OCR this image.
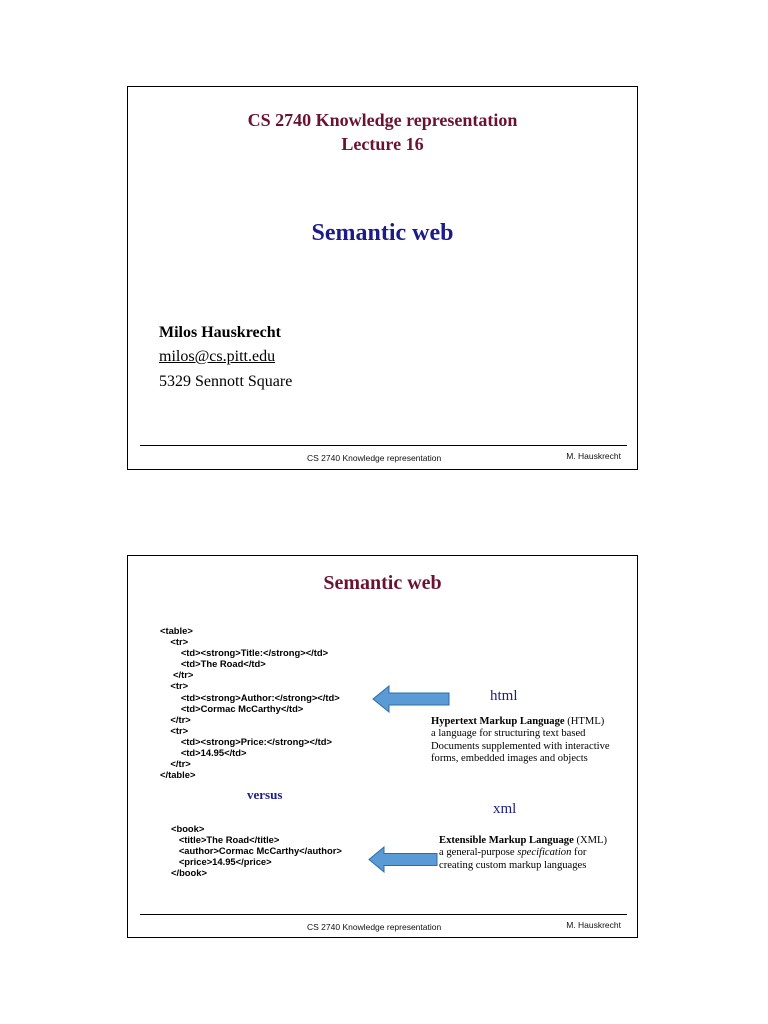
CS 2740 Knowledge representation
Lecture 16
Semantic web
Milos Hauskrecht
milos@cs.pitt.edu
5329 Sennott Square
CS 2740 Knowledge representation	M. Hauskrecht
Semantic web
<table>
<tr>
<td><strong>Title:</strong></td>
<td>The Road</td>
</tr>
<tr>
<td><strong>Author:</strong></td>
<td>Cormac McCarthy</td>
</tr>
<tr>
<td><strong>Price:</strong></td>
<td>14.95</td>
</tr>
</table>
html
Hypertext Markup Language (HTML)
a language for structuring text based
Documents supplemented with interactive
forms, embedded images and objects
versus
xml
<book>
<title>The Road</title>
<author>Cormac McCarthy</author>
<price>14.95</price>
</book>
Extensible Markup Language (XML)
a general-purpose specification for
creating custom markup languages
CS 2740 Knowledge representation	M. Hauskrecht
